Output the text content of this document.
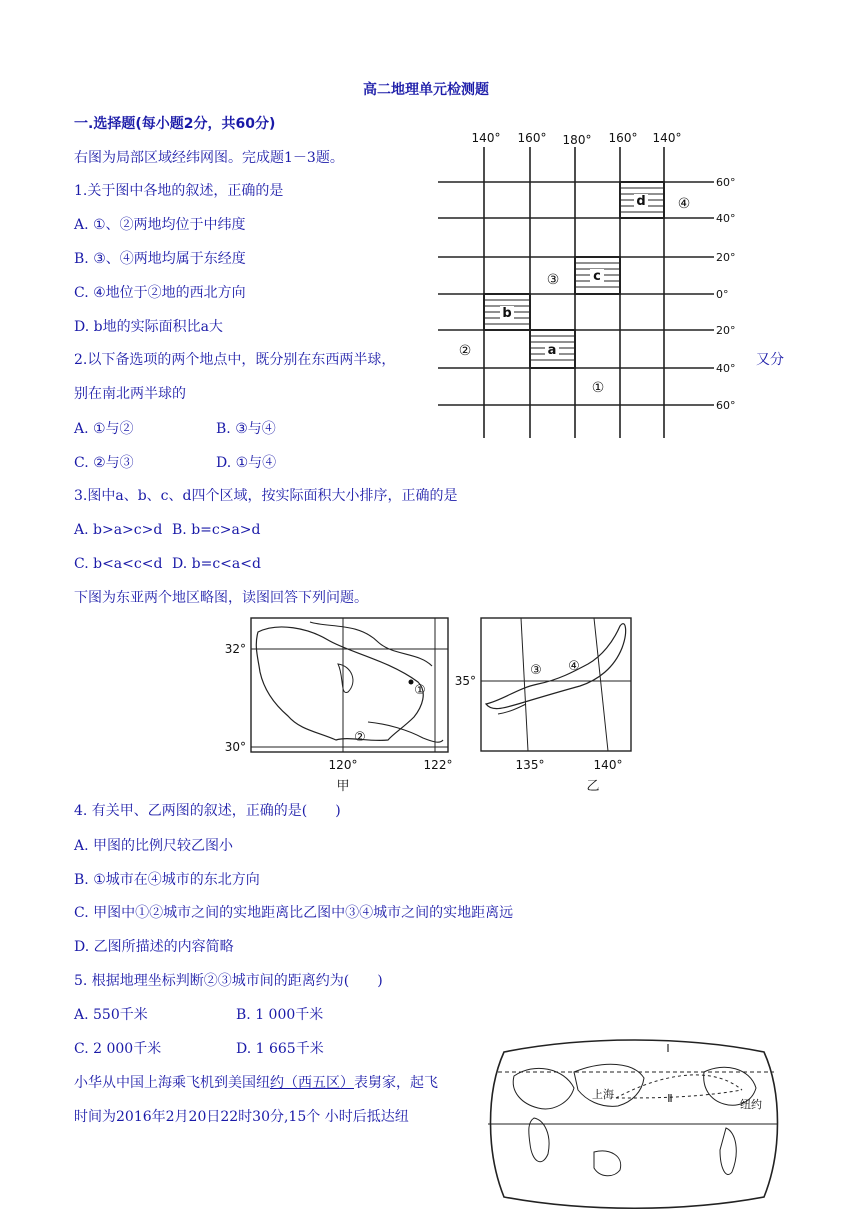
高二地理单元检测题
一.选择题(每小题2分，共60分)
右图为局部区域经纬网图。完成题1－3题。
1.关于图中各地的叙述，正确的是
A. ①、②两地均位于中纬度
B. ③、④两地均属于东经度
C. ④地位于②地的西北方向
D. b地的实际面积比a大
2.以下备选项的两个地点中，既分别在东西两半球，	又分
别在南北两半球的
A. ①与②	B. ③与④
C. ②与③	D. ①与④
3.图中a、b、c、d四个区域，按实际面积大小排序，正确的是
A. b>a>c>d B. b=c>a>d
C. b<a<c<d D. b=c<a<d
下图为东亚两个地区略图，读图回答下列问题。
4. 有关甲、乙两图的叙述，正确的是(　　)
A. 甲图的比例尺较乙图小
B. ①城市在④城市的东北方向
C. 甲图中①②城市之间的实地距离比乙图中③④城市之间的实地距离远
D. 乙图所描述的内容简略
5. 根据地理坐标判断②③城市间的距离约为(　　)
A. 550千米	B. 1 000千米
C. 2 000千米	D. 1 665千米
小华从中国上海乘飞机到美国纽约（西五区）表舅家，起飞
时间为2016年2月20日22时30分,15个 小时后抵达纽
d
c
b
a
140° 160° 180° 160° 140°
60°
40°
20°
0°
20°
40°
60°
①
②
③
④
①
②
32°
30°
120°	122°
甲
③ ④
35°
135°	140°
乙
Ⅰ
Ⅱ
上海
纽约
